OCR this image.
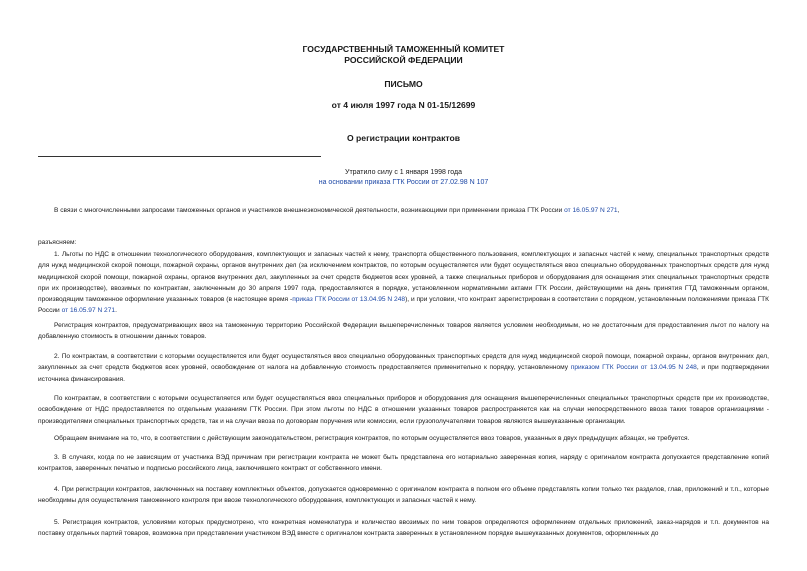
ГОСУДАРСТВЕННЫЙ ТАМОЖЕННЫЙ КОМИТЕТ
РОССИЙСКОЙ ФЕДЕРАЦИИ
ПИСЬМО
от 4 июля 1997 года N 01-15/12699
О регистрации контрактов
Утратило силу с 1 января 1998 года
на основании приказа ГТК России от 27.02.98 N 107
В связи с многочисленными запросами таможенных органов и участников внешнеэкономической деятельности, возникающими при применении приказа ГТК России от 16.05.97 N 271,
разъясняем:
1. Льготы по НДС в отношении технологического оборудования, комплектующих и запасных частей к нему, транспорта общественного пользования, комплектующих и запасных частей к нему, специальных транспортных средств для нужд медицинской скорой помощи, пожарной охраны, органов внутренних дел (за исключением контрактов, по которым осуществляется или будет осуществляться ввоз специально оборудованных транспортных средств для нужд медицинской скорой помощи, пожарной охраны, органов внутренних дел, закупленных за счет средств бюджетов всех уровней, а также специальных приборов и оборудования для оснащения этих специальных транспортных средств при их производстве), ввозимых по контрактам, заключенным до 30 апреля 1997 года, предоставляются в порядке, установленном нормативными актами ГТК России, действующими на день принятия ГТД таможенным органом, производящим таможенное оформление указанных товаров (в настоящее время -приказ ГТК России от 13.04.95 N 248), и при условии, что контракт зарегистрирован в соответствии с порядком, установленным положениями приказа ГТК России от 16.05.97 N 271.
Регистрация контрактов, предусматривающих ввоз на таможенную территорию Российской Федерации вышеперечисленных товаров является условием необходимым, но не достаточным для предоставления льгот по налогу на добавленную стоимость в отношении данных товаров.
2. По контрактам, в соответствии с которыми осуществляется или будет осуществляться ввоз специально оборудованных транспортных средств для нужд медицинской скорой помощи, пожарной охраны, органов внутренних дел, закупленных за счет средств бюджетов всех уровней, освобождение от налога на добавленную стоимость предоставляется применительно к порядку, установленному приказом ГТК России от 13.04.95 N 248, и при подтверждении источника финансирования.
По контрактам, в соответствии с которыми осуществляется или будет осуществляться ввоз специальных приборов и оборудования для оснащения вышеперечисленных специальных транспортных средств при их производстве, освобождение от НДС предоставляется по отдельным указаниям ГТК России. При этом льготы по НДС в отношении указанных товаров распространяется как на случаи непосредственного ввоза таких товаров организациями - производителями специальных транспортных средств, так и на случаи ввоза по договорам поручения или комиссии, если грузополучателями товаров являются вышеуказанные организации.
Обращаем внимание на то, что, в соответствии с действующим законодательством, регистрация контрактов, по которым осуществляется ввоз товаров, указанных в двух предыдущих абзацах, не требуется.
3. В случаях, когда по не зависящим от участника ВЭД причинам при регистрации контракта не может быть представлена его нотариально заверенная копия, наряду с оригиналом контракта допускается представление копий контрактов, заверенных печатью и подписью российского лица, заключившего контракт от собственного имени.
4. При регистрации контрактов, заключенных на поставку комплектных объектов, допускается одновременно с оригиналом контракта в полном его объеме представлять копии только тех разделов, глав, приложений и т.п., которые необходимы для осуществления таможенного контроля при ввозе технологического оборудования, комплектующих и запасных частей к нему.
5. Регистрация контрактов, условиями которых предусмотрено, что конкретная номенклатура и количество ввозимых по ним товаров определяются оформлением отдельных приложений, заказ-нарядов и т.п. документов на поставку отдельных партий товаров, возможна при представлении участником ВЭД вместе с оригиналом контракта заверенных в установленном порядке вышеуказанных документов, оформленных до
